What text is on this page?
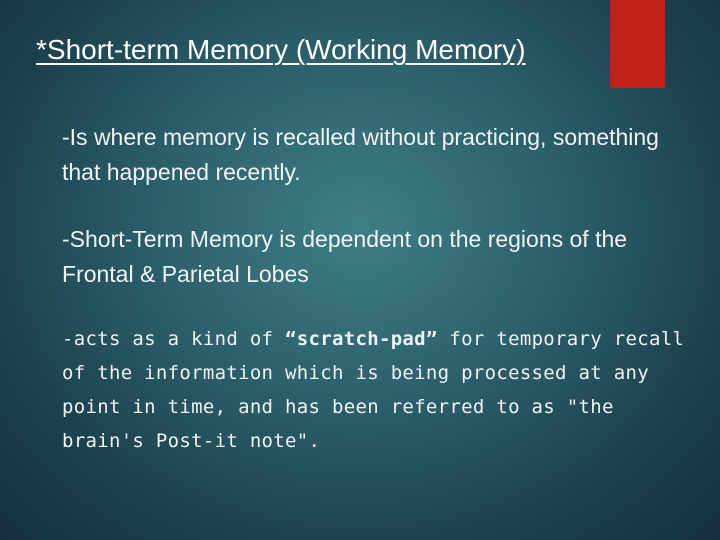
*Short-term Memory (Working Memory)
-Is where memory is recalled without practicing, something that happened recently.
-Short-Term Memory is dependent on the regions of the Frontal & Parietal Lobes
-acts as a kind of “scratch-pad” for temporary recall of the information which is being processed at any point in time, and has been referred to as "the brain's Post-it note".
